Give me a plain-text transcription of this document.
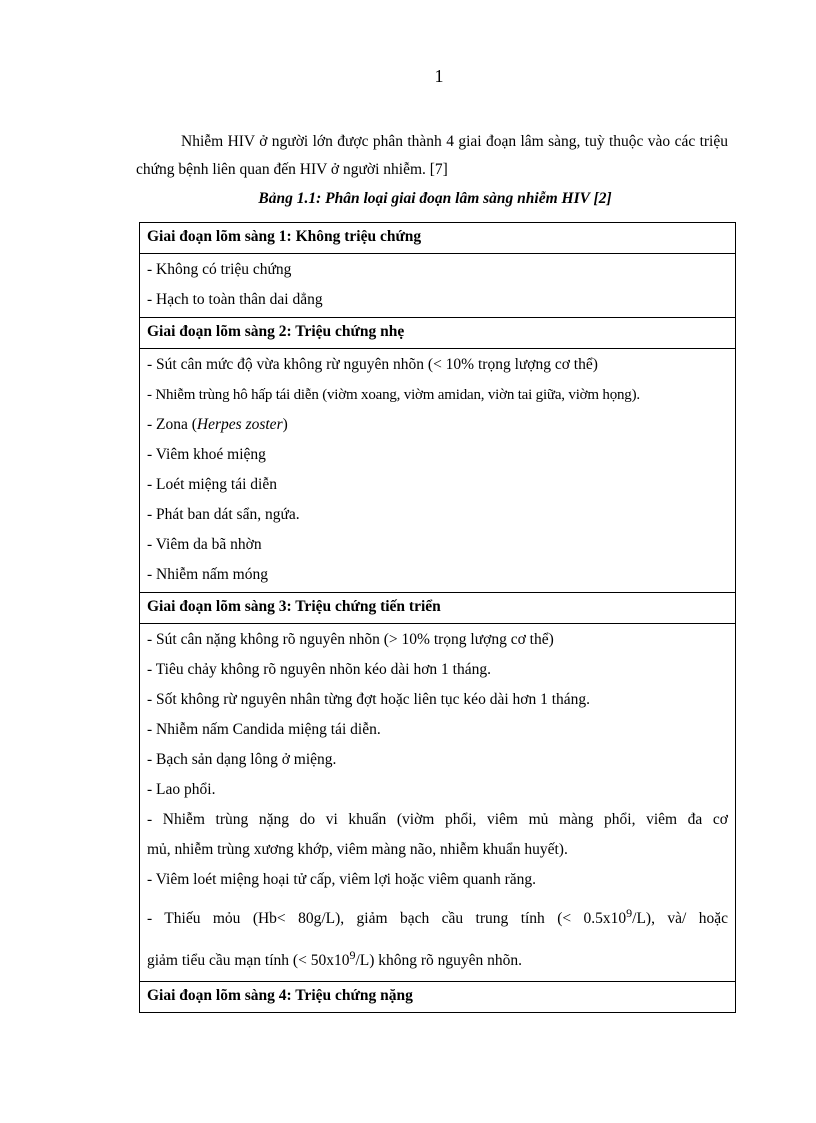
1

Nhiễm HIV ở người lớn được phân thành 4 giai đoạn lâm sàng, tuỳ thuộc vào các triệu chứng bệnh liên quan đến HIV ở người nhiễm. [7]

Bảng 1.1: Phân loại giai đoạn lâm sàng nhiễm HIV [2]

Giai đoạn lõm sàng 1: Không triệu chứng

- Không có triệu chứng
- Hạch to toàn thân dai dẳng

Giai đoạn lõm sàng 2: Triệu chứng nhẹ

- Sút cân mức độ vừa không rừ nguyên nhõn (< 10% trọng lượng cơ thể)
- Nhiễm trùng hô hấp tái diễn (viờm xoang, viờm amidan, viờn tai giữa, viờm họng).
- Zona (Herpes zoster)
- Viêm khoé miệng
- Loét miệng tái diễn
- Phát ban dát sẩn, ngứa.
- Viêm da bã nhờn
- Nhiễm nấm móng

Giai đoạn lõm sàng 3: Triệu chứng tiến triển

- Sút cân nặng không rõ nguyên nhõn (> 10% trọng lượng cơ thể)
- Tiêu chảy không rõ nguyên nhõn kéo dài hơn 1 tháng.
- Sốt không rừ nguyên nhân từng đợt hoặc liên tục kéo dài hơn 1 tháng.
- Nhiễm nấm Candida miệng tái diễn.
- Bạch sản dạng lông ở miệng.
- Lao phổi.
- Nhiễm trùng nặng do vi khuẩn (viờm phổi, viêm mủ màng phổi, viêm đa cơ
mủ, nhiễm trùng xương khớp, viêm màng não, nhiễm khuẩn huyết).
- Viêm loét miệng hoại tử cấp, viêm lợi hoặc viêm quanh răng.
- Thiếu mỏu (Hb< 80g/L), giảm bạch cầu trung tính (< $0.5x10^9/L$), và/ hoặc
giảm tiểu cầu mạn tính (< $50x10^9/L$) không rõ nguyên nhõn.

Giai đoạn lõm sàng 4: Triệu chứng nặng
